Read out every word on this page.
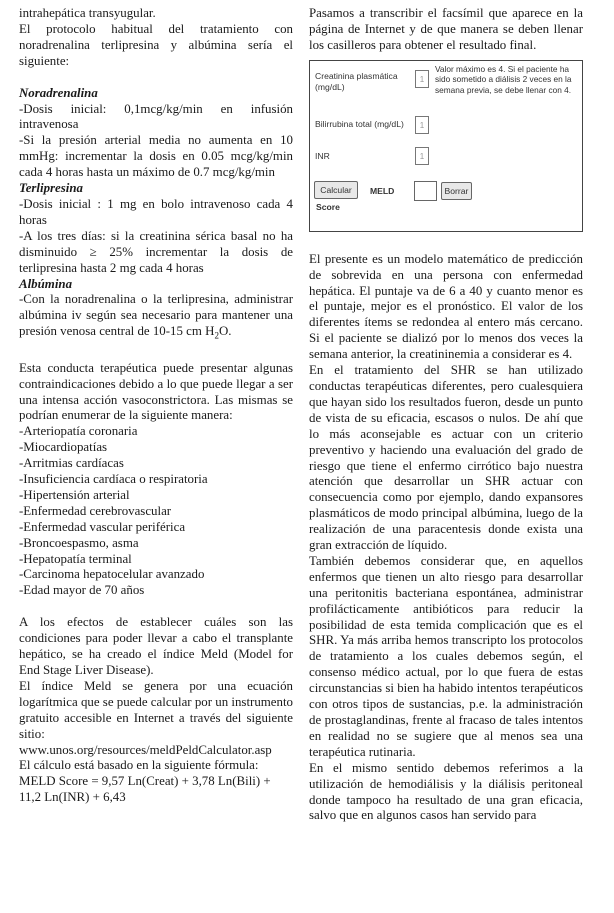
intrahepática transyugular.

El protocolo habitual del tratamiento con noradrenalina terlipresina y albúmina sería el siguiente:

Noradrenalina

-Dosis inicial: 0,1mcg/kg/min en infusión intravenosa

-Si la presión arterial media no aumenta en 10 mmHg: incrementar la dosis en 0.05 mcg/kg/min cada 4 horas hasta un máximo de 0.7 mcg/kg/min

Terlipresina

-Dosis inicial : 1 mg en bolo intravenoso cada 4 horas

-A los tres días: si la creatinina sérica basal no ha disminuido ≥ 25% incrementar la dosis de terlipresina hasta 2 mg cada 4 horas

Albúmina

-Con la noradrenalina o la terlipresina, administrar albúmina iv según sea necesario para mantener una presión venosa central de 10-15 cm $H_2O$.

Esta conducta terapéutica puede presentar algunas contraindicaciones debido a lo que puede llegar a ser una intensa acción vasoconstrictora. Las mismas se podrían enumerar de la siguiente manera:

-Arteriopatía coronaria

-Miocardiopatías

-Arritmias cardíacas

-Insuficiencia cardíaca o respiratoria

-Hipertensión arterial

-Enfermedad cerebrovascular

-Enfermedad vascular periférica

-Broncoespasmo, asma

-Hepatopatía terminal

-Carcinoma hepatocelular avanzado

-Edad mayor de 70 años

A los efectos de establecer cuáles son las condiciones para poder llevar a cabo el transplante hepático, se ha creado el índice Meld (Model for End Stage Liver Disease).

El índice Meld se genera por una ecuación logarítmica que se puede calcular por un instrumento gratuito accesible en Internet a través del siguiente sitio:

www.unos.org/resources/meldPeldCalculator.asp

El cálculo está basado en la siguiente fórmula:

MELD Score = 9,57 Ln(Creat) + 3,78 Ln(Bili) + 11,2 Ln(INR) + 6,43

Pasamos a transcribir el facsímil que aparece en la página de Internet y de que manera se deben llenar los casilleros para obtener el resultado final.

Creatinina plasmática (mg/dL)
1
Valor máximo es 4. Si el paciente ha sido sometido a diálisis 2 veces en la semana previa, se debe llenar con 4.
Bilirrubina total (mg/dL)	1
INR	1
Calcular
Score
MELD	Borrar

El presente es un modelo matemático de predicción de sobrevida en una persona con enfermedad hepática. El puntaje va de 6 a 40 y cuanto menor es el puntaje, mejor es el pronóstico. El valor de los diferentes ítems se redondea al entero más cercano. Si el paciente se dializó por lo menos dos veces la semana anterior, la creatininemia a considerar es 4.

En el tratamiento del SHR se han utilizado conductas terapéuticas diferentes, pero cualesquiera que hayan sido los resultados fueron, desde un punto de vista de su eficacia, escasos o nulos. De ahí que lo más aconsejable es actuar con un criterio preventivo y haciendo una evaluación del grado de riesgo que tiene el enfermo cirrótico bajo nuestra atención que desarrollar un SHR actuar con consecuencia como por ejemplo, dando expansores plasmáticos de modo principal albúmina, luego de la realización de una paracentesis donde exista una gran extracción de líquido.

También debemos considerar que, en aquellos enfermos que tienen un alto riesgo para desarrollar una peritonitis bacteriana espontánea, administrar profilácticamente antibióticos para reducir la posibilidad de esta temida complicación que es el SHR. Ya más arriba hemos transcripto los protocolos de tratamiento a los cuales debemos según, el consenso médico actual, por lo que fuera de estas circunstancias si bien ha habido intentos terapéuticos con otros tipos de sustancias, p.e. la administración de prostaglandinas, frente al fracaso de tales intentos en realidad no se sugiere que al menos sea una terapéutica rutinaria.

En el mismo sentido debemos referimos a la utilización de hemodiálisis y la diálisis peritoneal donde tampoco ha resultado de una gran eficacia, salvo que en algunos casos han servido para
